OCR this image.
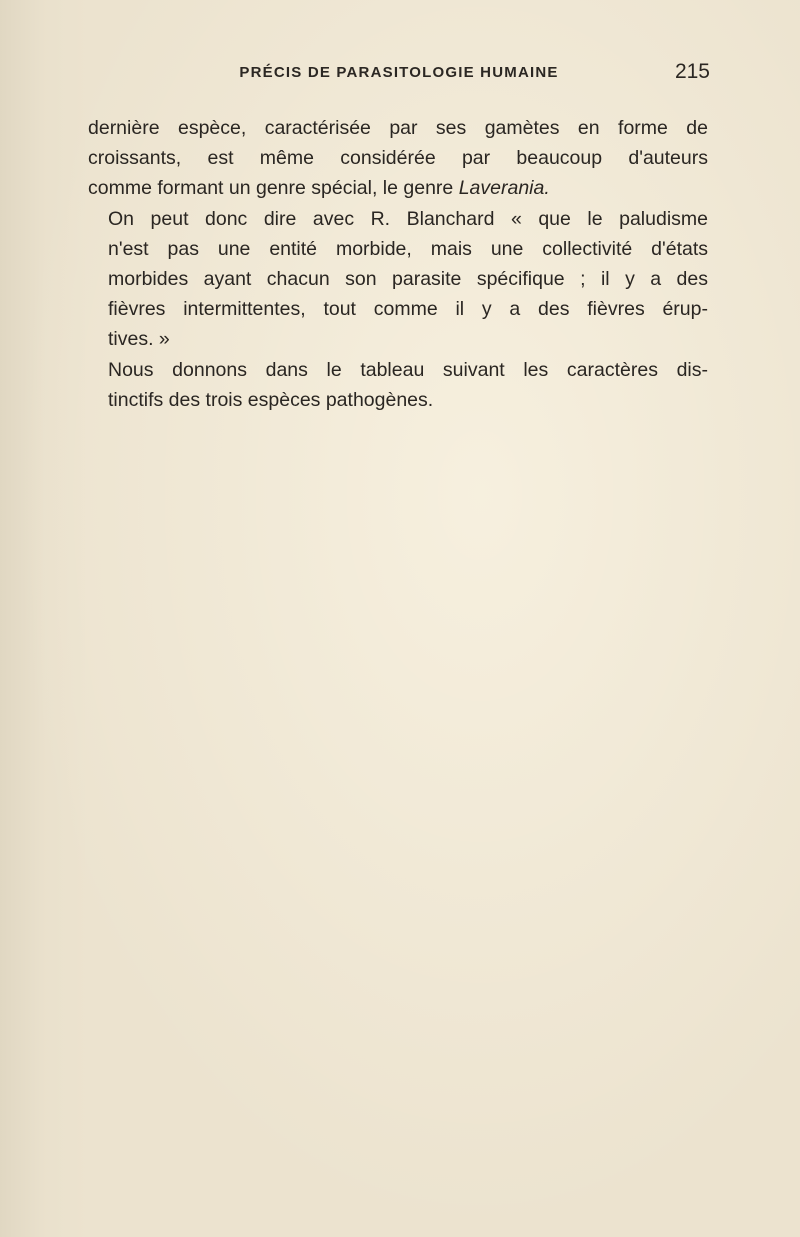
PRÉCIS DE PARASITOLOGIE HUMAINE	215

dernière espèce, caractérisée par ses gamètes en forme de
croissants, est même considérée par beaucoup d'auteurs
comme formant un genre spécial, le genre Laverania.

On peut donc dire avec R. Blanchard « que le paludisme
n'est pas une entité morbide, mais une collectivité d'états
morbides ayant chacun son parasite spécifique ; il y a des
fièvres intermittentes, tout comme il y a des fièvres érup-
tives. »

Nous donnons dans le tableau suivant les caractères dis-
tinctifs des trois espèces pathogènes.
